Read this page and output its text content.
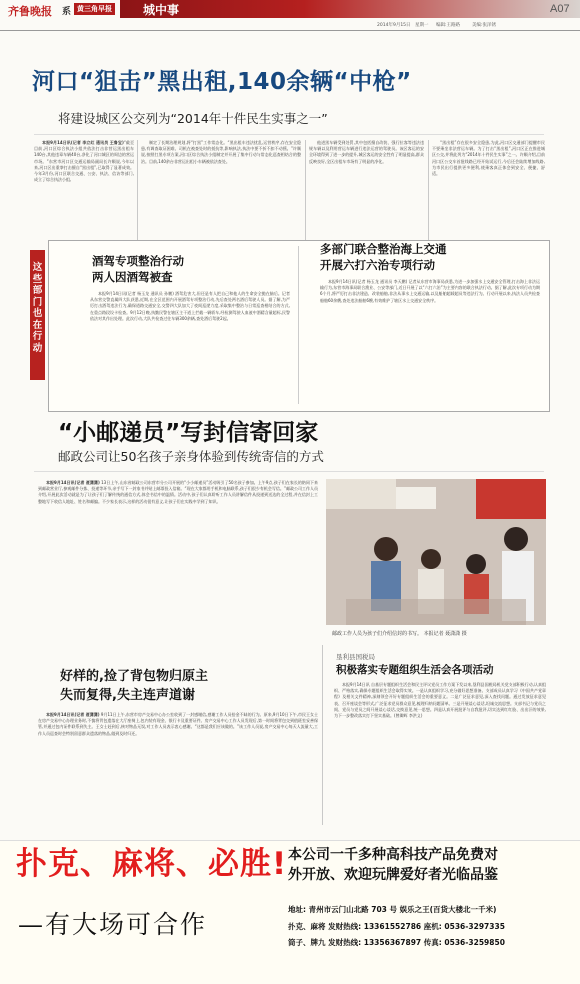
齐鲁晚报 系 黄三角早报	城中事	A07
2014年9月15日 星期一 编辑:王路路	美编:张泽锈
河口“狙击”黑出租,140余辆“中枪”
将建设城区公交列为“2014年十件民生实事之一”

本报9月14日讯(记者 李立红 通讯员 王鲁宝)“截至目前,河口区综合执法小组共依法打击非营运黑出租车140台,其他违章车辆40台,净化了河口城区的周边的营运市场。”东营市河口区交通运输局副局长许顺说,今年以来,河口区出重拳打击擅自“黑出租”,已取得了显著成效。今年3月份,河口区联合交通、公安、执法、信访等部门,成立了综合执法小组,

制定了长期治理规划,将“打黑”工作常态化。“黑出租车违法扰乱,运营秩序,存在安全隐患,有调查取证困难、司机在被查处时的抵抗等,影响执法,执法中要不折不扣不动摇。”许顺说,按照打黑专项方案,河口区综合执法小组制定并开展了集中行动与常态化巡查相结合的整治。目前,140余台非营运出租小车辆被依法查处。

他进黑车辆受到处罚,其中包括擅自改装、强行拉客等违法违规车辆以及利用营运车辆进行违法运营的驾驶员。该区客运的安全环境得到了进一步的提升,城区客运的安全性有了明显提高,群众反映良好,全区出租车市场有了明显的净化。

“黑出租”存在很多安全隐患,为此,河口区交通部门提醒市民不要乘坐非法营运车辆。为了打击“黑出租”,河口区正在推进城区公交,并将此列为“2014年十件民生实事”之一。许顺介绍,目前河口区公交车首批线路已经开始试运行,今后还会陆续增加线路,为市民出行提供更多便利,使乘客真正体会到安全、便捷、舒适。

这些部门也在行动
酒驾专项整治行动
两人因酒驾被查

本报9月14日讯(记者 杨玉龙 通讯员 孙鹏) 酒驾危害大,但还是有人把自己和他人的生命安全抛在脑后。记者从东营交警直属四大队获悉,近期,在全区范围内开展酒驾专项整治行动,先后查处两名酒后驾驶人员。据了解,为严厉打击酒驾违法行为,确保道路交通安全,交警四大队加大了夜间巡逻力度,采取集中整治与日常巡查相结合的方式,在重点路段设卡检查。9月12日晚,执勤民警在辖区主干道上拦截一辆轿车,经检测驾驶人血液中酒精含量超标,民警依法对其作出处理。此次行动,大队共检查过往车辆300余辆,查处酒后驾驶2起。

多部门联合整治海上交通
开展六打六治专项行动

本报9月14日讯(记者 杨玉龙 通讯员 李天鹏) 记者从东营市海事局获悉,为进一步加强水上交通安全管理,打击海上非法运输行为,东营市海事局联合渔业、公安等部门,近日开展了以“六打六治”为主要内容的联合执法行动。据了解,此次专项行动为期6个月,将严厉打击非法建造、改装船舶,非法从事水上交通运输,以及船舶超载超员等违法行为。行动开展以来,执法人员共检查船舶60余艘,查处违法船舶6艘,有效维护了辖区水上交通安全秩序。

“小邮递员”写封信寄回家
邮政公司让50名孩子亲身体验到传统寄信的方式

本报9月14日讯(记者 聂潇潇) 13日上午,山东省邮政公司东营市分公司开展的“小小邮递员”活动吸引了50名孩子参加。上午9点,孩子们在家长的陪同下来到邮政营业厅,参观邮件分拣、投递等环节,亲手写下一封家书并贴上邮票投入信箱。“现在大家都用手机和电脑联系,孩子们很少有机会写信。”邮政公司工作人员介绍,开展此次活动就是为了让孩子们了解传统的通信方式,体会书信中的温情。活动中,孩子们认真聆听工作人员讲解信件从投递到送达的全过程,并在信封上工整地写下收信人地址、姓名和邮编。不少家长表示,这样的活动很有意义,让孩子们在实践中学到了知识。

邮政工作人员为孩子们介绍信封的书写。 本报记者 聂潇潇 摄
好样的,捡了背包物归原主
失而复得,失主连声道谢

本报9月14日讯(记者 聂潇潇) 9月11日上午,东营市房产交易中心办公室收到了一封感谢信,感谢工作人员拾金不昧的行为。原来,9月10日下午,市民王女士在房产交易中心办理业务时,不慎将背包遗落在大厅座椅上,包内装有现金、银行卡及重要证件。房产交易中心工作人员发现后,第一时间将背包交到值班室妥善保管,并通过包内证件联系到失主。王女士赶到后,核对物品无误,对工作人员表示衷心感谢。“这都是我们应该做的。”该工作人员说,房产交易中心每天人流量大,工作人员巡查时会特别留意群众遗落的物品,做到及时归还。

垦利县国税局
积极落实专题组织生活会各项活动

本报9月14日讯 自基层专题组织生活会和民主评议党员工作方案下发以来,垦利县国税局机关党支部积极行动,认真组织、严格落实,确保专题组织生活会取得实效。一是认真组织学习,充分做好思想准备。支部成员认真学习《中国共产党章程》及相关文件精神,深刻领会开好专题组织生活会的重要意义。二是广泛征求意见,深入查找问题。通过发放征求意见表、召开座谈会等形式,广泛征求党员群众意见,梳理归纳问题清单。三是开展谈心谈话,坦诚交流思想。支部书记与党员之间、党员与党员之间开展谈心谈话,交换意见,统一思想。四是认真开展批评与自我批评,切实达到红红脸、出出汗的效果,为下一步整改落实打下坚实基础。(曾卿辉 李洪义)

扑克、麻将、必胜!
—有大场可合作
本公司一千多种高科技产品免费对
外开放、欢迎玩牌爱好者光临品鉴
地址: 青州市云门山北路 703 号 娱乐之王(百货大楼北一千米)
扑克、麻将 发财热线: 13361552786 座机: 0536-3297335
筒子、牌九 发财热线: 13356367897 传真: 0536-3259850
